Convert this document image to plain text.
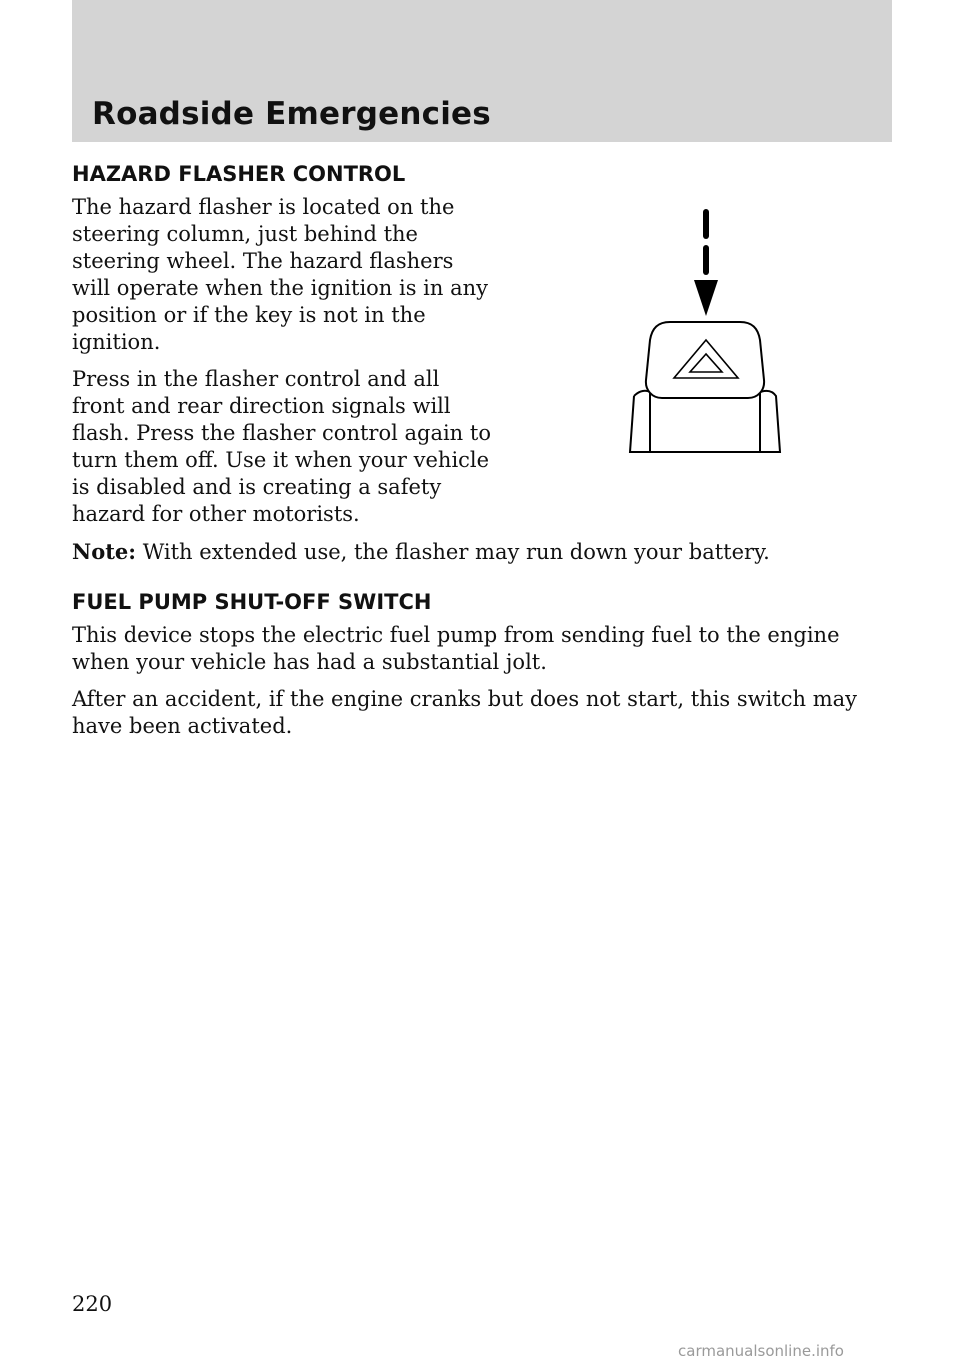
Roadside Emergencies
HAZARD FLASHER CONTROL

The hazard flasher is located on the steering column, just behind the steering wheel. The hazard flashers will operate when the ignition is in any position or if the key is not in the ignition.

Press in the flasher control and all front and rear direction signals will flash. Press the flasher control again to turn them off. Use it when your vehicle is disabled and is creating a safety hazard for other motorists.

Note: With extended use, the flasher may run down your battery.

FUEL PUMP SHUT-OFF SWITCH

This device stops the electric fuel pump from sending fuel to the engine when your vehicle has had a substantial jolt.

After an accident, if the engine cranks but does not start, this switch may have been activated.

220
carmanualsonline.info
